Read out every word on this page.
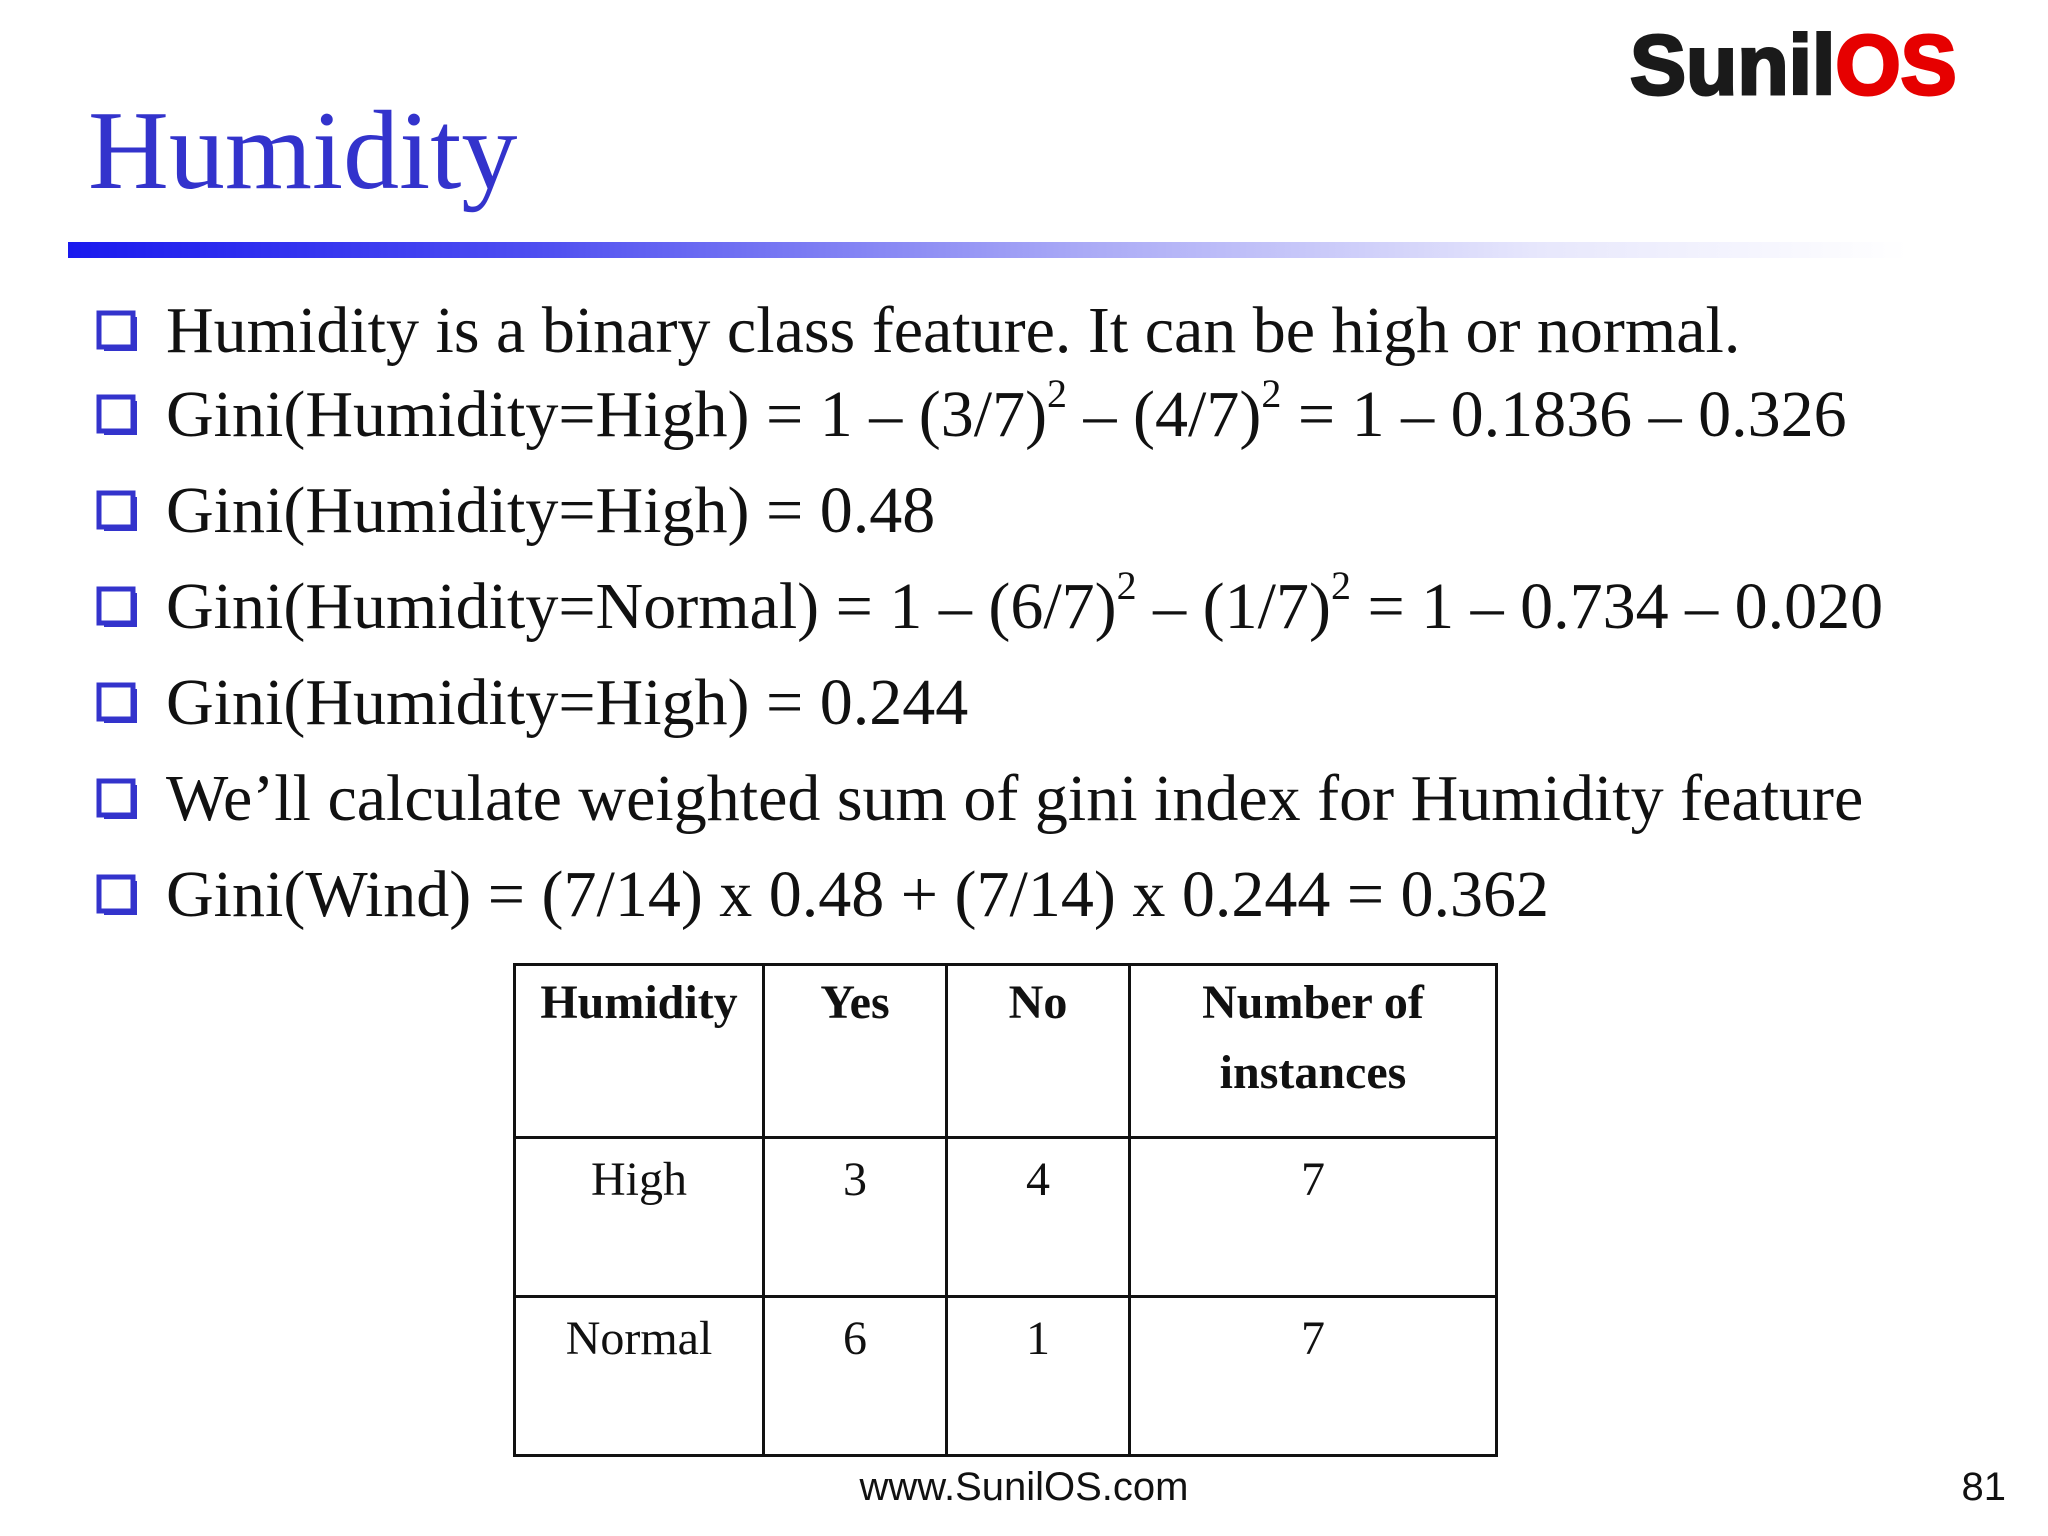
SunilOS
Humidity
Humidity is a binary class feature. It can be high or normal.
Gini(Humidity=High) = $1 - (3/7)^2 - (4/7)^2 = 1 - 0.1836 - 0.326$
Gini(Humidity=High) = 0.48
Gini(Humidity=Normal) = $1 - (6/7)^2 - (1/7)^2 = 1 - 0.734 - 0.020$
Gini(Humidity=High) = 0.244
We’ll calculate weighted sum of gini index for Humidity feature
Gini(Wind) = (7/14) x 0.48 + (7/14) x 0.244 = 0.362
Humidity	Yes	No	Number of instances
High	3	4	7
Normal	6	1	7
www.SunilOS.com	81
